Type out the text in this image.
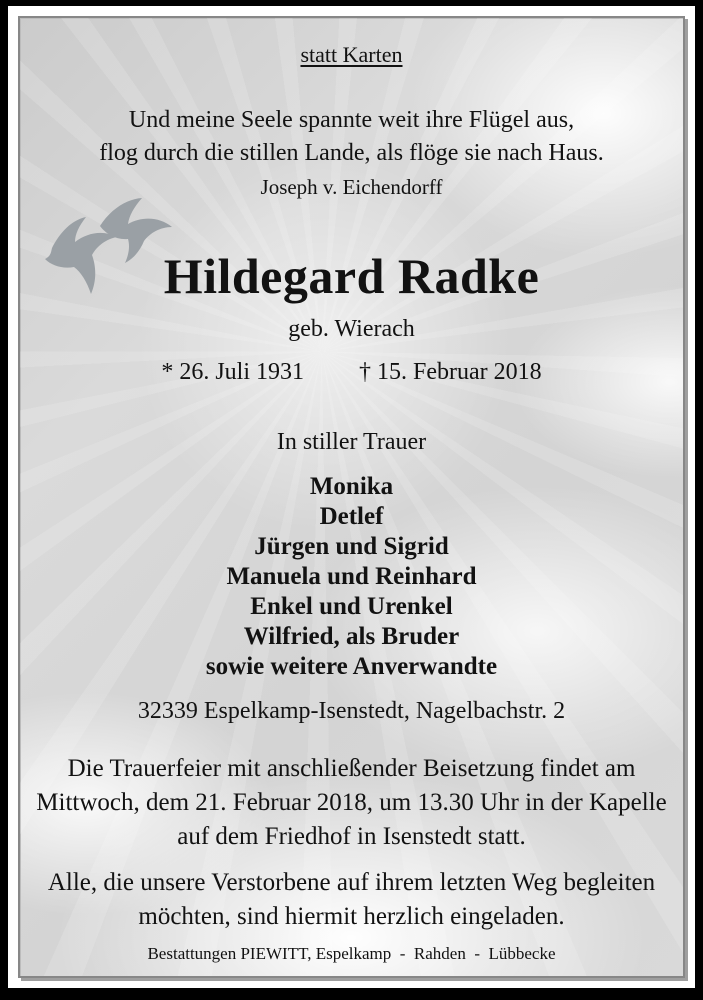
statt Karten
Und meine Seele spannte weit ihre Flügel aus,
flog durch die stillen Lande, als flöge sie nach Haus.
Joseph v. Eichendorff
Hildegard Radke
geb. Wierach
* 26. Juli 1931 † 15. Februar 2018
In stiller Trauer
Monika
Detlef
Jürgen und Sigrid
Manuela und Reinhard
Enkel und Urenkel
Wilfried, als Bruder
sowie weitere Anverwandte
32339 Espelkamp-Isenstedt, Nagelbachstr. 2

Die Trauerfeier mit anschließender Beisetzung findet am Mittwoch, dem 21. Februar 2018, um 13.30 Uhr in der Kapelle auf dem Friedhof in Isenstedt statt.

Alle, die unsere Verstorbene auf ihrem letzten Weg begleiten möchten, sind hiermit herzlich eingeladen.

Bestattungen PIEWITT, Espelkamp  -  Rahden  -  Lübbecke
